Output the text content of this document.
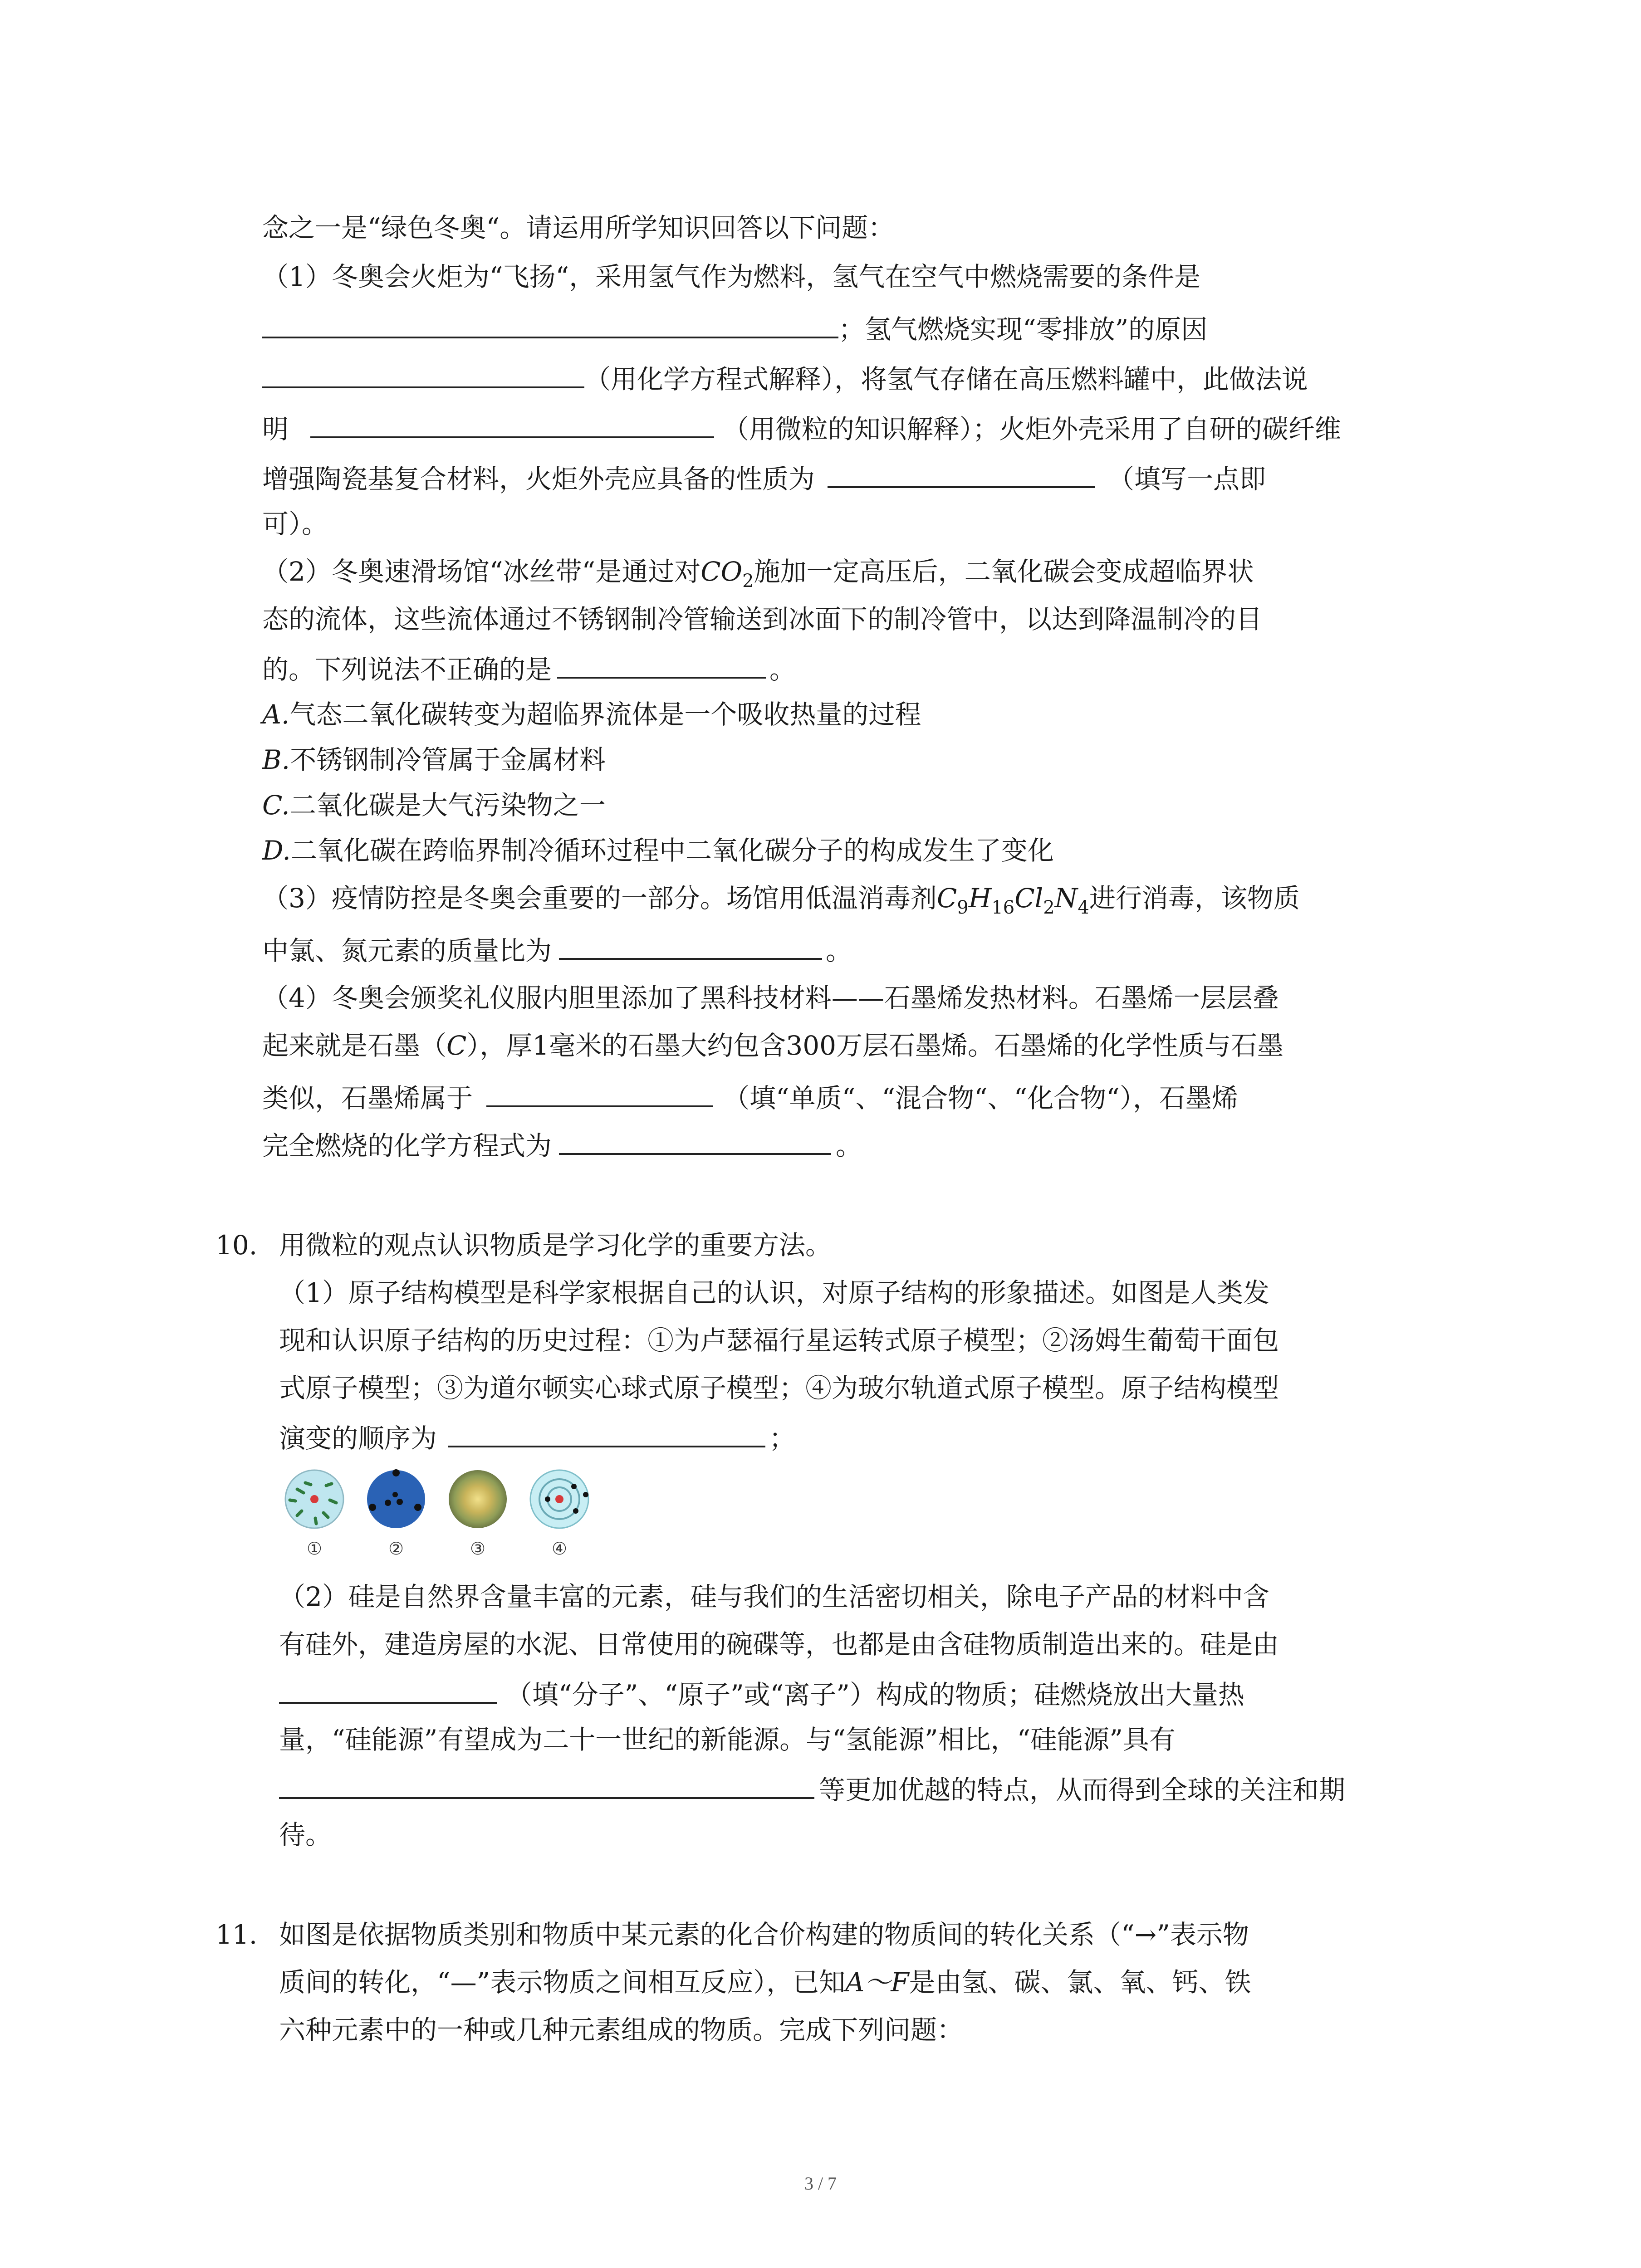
念之一是“绿色冬奥“。请运用所学知识回答以下问题：
（1）冬奥会火炬为“飞扬“，采用氢气作为燃料，氢气在空气中燃烧需要的条件是
；氢气燃烧实现“零排放”的原因
（用化学方程式解释），将氢气存储在高压燃料罐中，此做法说
明	（用微粒的知识解释）；火炬外壳采用了自研的碳纤维
增强陶瓷基复合材料，火炬外壳应具备的性质为	（填写一点即
可）。
（2）冬奥速滑场馆“冰丝带“是通过对$CO_2$施加一定高压后，二氧化碳会变成超临界状
态的流体，这些流体通过不锈钢制冷管输送到冰面下的制冷管中，以达到降温制冷的目
的。下列说法不正确的是	。
A.气态二氧化碳转变为超临界流体是一个吸收热量的过程
B.不锈钢制冷管属于金属材料
C.二氧化碳是大气污染物之一
D.二氧化碳在跨临界制冷循环过程中二氧化碳分子的构成发生了变化
（3）疫情防控是冬奥会重要的一部分。场馆用低温消毒剂$C_9H_{16}Cl_2N_4$进行消毒，该物质
中氯、氮元素的质量比为	。
（4）冬奥会颁奖礼仪服内胆里添加了黑科技材料——石墨烯发热材料。石墨烯一层层叠
起来就是石墨（C），厚1毫米的石墨大约包含300万层石墨烯。石墨烯的化学性质与石墨
类似，石墨烯属于	（填“单质“、“混合物“、“化合物“），石墨烯
完全燃烧的化学方程式为	。
10. 用微粒的观点认识物质是学习化学的重要方法。
（1）原子结构模型是科学家根据自己的认识，对原子结构的形象描述。如图是人类发
现和认识原子结构的历史过程：①为卢瑟福行星运转式原子模型；②汤姆生葡萄干面包
式原子模型；③为道尔顿实心球式原子模型；④为玻尔轨道式原子模型。原子结构模型
演变的顺序为	；
①	②	③	④
（2）硅是自然界含量丰富的元素，硅与我们的生活密切相关，除电子产品的材料中含
有硅外，建造房屋的水泥、日常使用的碗碟等，也都是由含硅物质制造出来的。硅是由
（填“分子”、“原子”或“离子”）构成的物质；硅燃烧放出大量热
量，“硅能源”有望成为二十一世纪的新能源。与“氢能源”相比，“硅能源”具有
等更加优越的特点，从而得到全球的关注和期
待。
11. 如图是依据物质类别和物质中某元素的化合价构建的物质间的转化关系（“→”表示物
质间的转化，“—”表示物质之间相互反应），已知A～F是由氢、碳、氯、氧、钙、铁
六种元素中的一种或几种元素组成的物质。完成下列问题：
3 / 7
